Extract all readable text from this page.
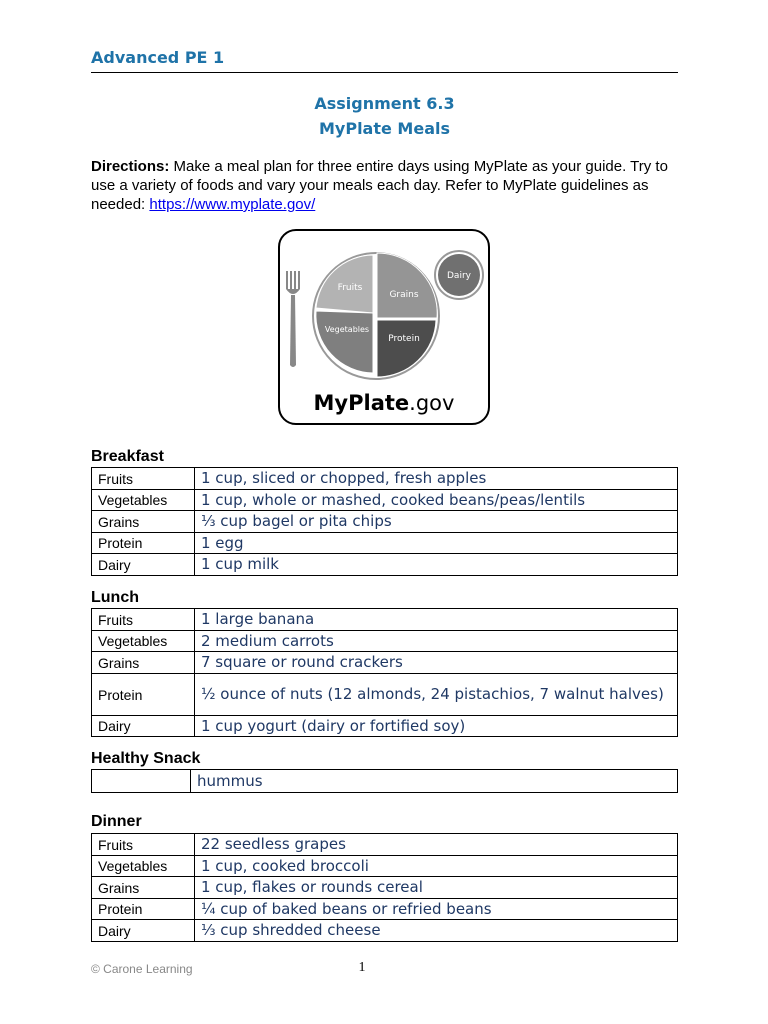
Advanced PE 1
Assignment 6.3
MyPlate Meals
Directions: Make a meal plan for three entire days using MyPlate as your guide. Try to use a variety of foods and vary your meals each day. Refer to MyPlate guidelines as needed: https://www.myplate.gov/
Fruits
Grains
Vegetables
Protein
Dairy
MyPlate.gov
Breakfast
Fruits	1 cup, sliced or chopped, fresh apples
Vegetables	1 cup, whole or mashed, cooked beans/peas/lentils
Grains	⅓ cup bagel or pita chips
Protein	1 egg
Dairy	1 cup milk
Lunch
Fruits	1 large banana
Vegetables	2 medium carrots
Grains	7 square or round crackers
Protein	½ ounce of nuts (12 almonds, 24 pistachios, 7 walnut halves)
Dairy	1 cup yogurt (dairy or fortified soy)
Healthy Snack
	hummus
Dinner
Fruits	22 seedless grapes
Vegetables	1 cup, cooked broccoli
Grains	1 cup, flakes or rounds cereal
Protein	¼ cup of baked beans or refried beans
Dairy	⅓ cup shredded cheese
© Carone Learning	1
